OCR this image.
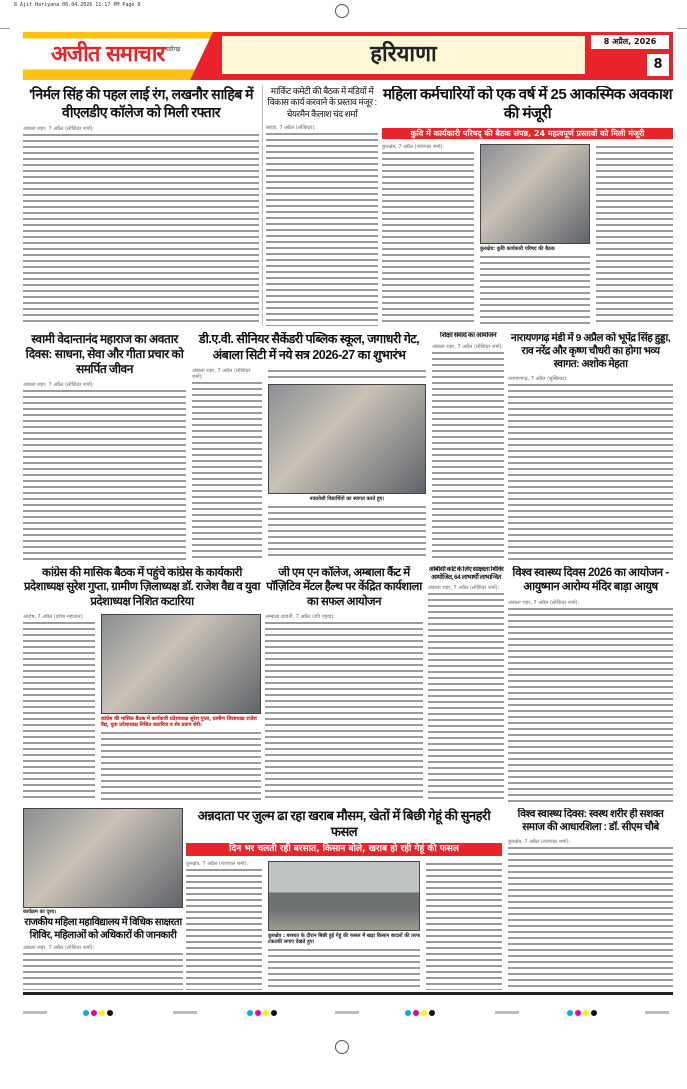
8 Ajit Hariyana 08.04.2026 11:17 PM Page 8
अजीत समाचार चंडीगढ़	हरियाणा
8 अप्रैल, 2026
8
'निर्मल सिंह की पहल लाई रंग, लखनौर साहिब में वीएलडीए कॉलेज को मिली रफ्तार
अंबाला शहर, 7 अप्रैल (लोकिंदर शर्मा):
मार्किट कमेटी की बैठक में मंडियों में विकास कार्य करवाने के प्रस्ताव मंजूर : चेयरमैन कैलाश चंद शर्मा
बराड़ा, 7 अप्रैल (लोकिंदर):
महिला कर्मचारियों को एक वर्ष में 25 आकस्मिक अवकाश की मंजूरी
कुवि में कार्यकारी परिषद् की बैठक संपन्न, 24 महत्वपूर्ण प्रस्तावों को मिली मंजूरी
कुरुक्षेत्र, 7 अप्रैल (राजपाल शर्मा):
कुरुक्षेत्र: कुवि कार्यकारी परिषद की बैठक
स्वामी वेदान्तानंद महाराज का अवतार दिवस: साधना, सेवा और गीता प्रचार को समर्पित जीवन
अंबाला शहर, 7 अप्रैल (लोकिंदर शर्मा):
डी.ए.वी. सीनियर सैकेंडरी पब्लिक स्कूल, जगाधरी गेट, अंबाला सिटी में नये सत्र 2026-27 का शुभारंभ
अंबाला शहर, 7 अप्रैल (लोकिंदर शर्मा):
नवप्रवेशी विद्यार्थियों का स्वागत करते हुए।
शिक्षा संवाद का आयोजन
अंबाला शहर, 7 अप्रैल (लोकिंदर शर्मा):
नारायणगढ़ मंडी में 9 अप्रैल को भूपेंद्र सिंह हुड्डा, राव नरेंद्र और कृष्ण चौधरी का होगा भव्य स्वागत: अशोक मेहता
नारायणगढ़, 7 अप्रैल (सुखिन्दर):
कांग्रेस की मासिक बैठक में पहुंचे कांग्रेस के कार्यकारी प्रदेशाध्यक्ष सुरेश गुप्ता, ग्रामीण ज़िलाध्यक्ष डॉ. राजेश वैद्य व युवा प्रदेशाध्यक्ष निशित कटारिया
आरोष, 7 अप्रैल (हरीश महाजन):
कांग्रेस की मासिक बैठक में कार्यकारी प्रदेशाध्यक्ष सुरेश गुप्ता, ग्रामीण जिलाध्यक्ष राजेश वैद्य, युवा प्रदेशाध्यक्ष निशित कटारिया व शेर प्रताप शेरी।
जी एम एन कॉलेज, अम्बाला कैंट में पॉज़िटिव मेंटल हैल्थ पर केंद्रित कार्यशाला का सफल आयोजन
अम्बाला छावनी, 7 अप्रैल (रवि पहवा):
ओबीसी कोटे के लिए साक्षरता शिविर आयोजित, 64 लाभार्थी लाभान्वित
अंबाला शहर, 7 अप्रैल (लोकिंदर शर्मा):
विश्व स्वास्थ्य दिवस 2026 का आयोजन - आयुष्मान आरोग्य मंदिर बाड़ा आयुष
अंबाला शहर, 7 अप्रैल (लोकिंदर शर्मा):
कार्यक्रम का दृश्य।
राजकीय महिला महाविद्यालय में विधिक साक्षरता शिविर, महिलाओं को अधिकारों की जानकारी
अंबाला शहर, 7 अप्रैल (लोकिंदर शर्मा):
अन्नदाता पर ज़ुल्म ढा रहा खराब मौसम, खेतों में बिछी गेहूं की सुनहरी फसल
दिन भर चलती रही बरसात, किसान बोले, खराब हो रही गेहूं की फसल
कुरुक्षेत्र, 7 अप्रैल (राजपाल शर्मा):
कुरुक्षेत्र : बरसात के दौरान बिछी हुई गेहूं की फसल में खड़ा किसान बादलों की तरफ टकटकी लगाए देखते हुए।
विश्व स्वास्थ्य दिवस: स्वस्थ शरीर ही सशक्त समाज की आधारशिला : डॉ. सीएम चौबे
कुरुक्षेत्र, 7 अप्रैल (राजपाल शर्मा):
